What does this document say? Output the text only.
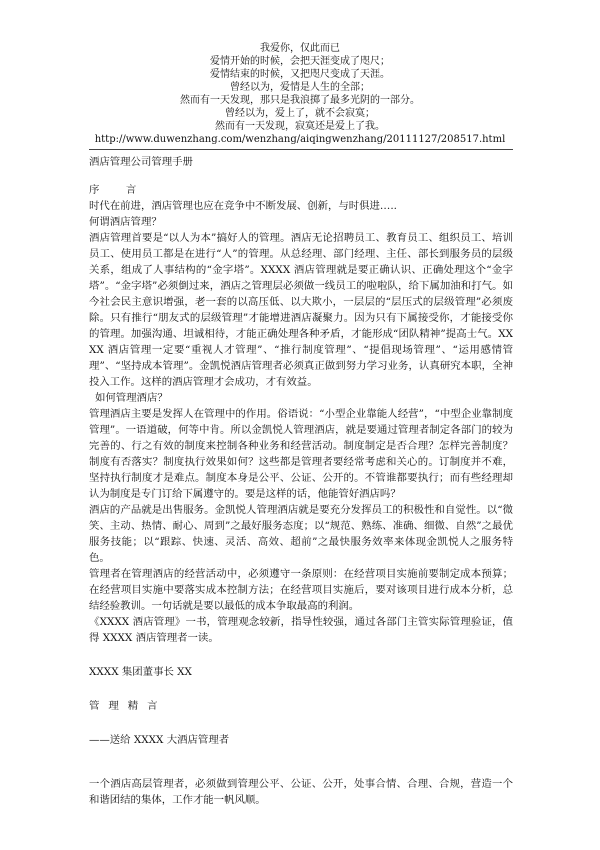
我爱你，仅此而已
爱情开始的时候，会把天涯变成了咫尺；
爱情结束的时候，又把咫尺变成了天涯。
曾经以为，爱情是人生的全部；
然而有一天发现，那只是我浪掷了最多光阴的一部分。
曾经以为，爱上了，就不会寂寞；
然而有一天发现，寂寞还是爱上了我。
http://www.duwenzhang.com/wenzhang/aiqingwenzhang/20111127/208517.html

酒店管理公司管理手册

序        言

时代在前进，酒店管理也应在竞争中不断发展、创新，与时俱进…..

何谓酒店管理？

酒店管理首要是“以人为本”搞好人的管理。酒店无论招聘员工、教育员工、组织员工、培训员工、使用员工都是在进行“人”的管理。从总经理、部门经理、主任、部长到服务员的层级关系，组成了人事结构的“金字塔”。XXXX 酒店管理就是要正确认识、正确处理这个“金字塔”。“金字塔”必须倒过来，酒店之管理层必须做一线员工的啦啦队，给下属加油和打气。如今社会民主意识增强，老一套的以高压低、以大欺小，一层层的“层压式的层级管理”必须废除。只有推行“朋友式的层级管理”才能增进酒店凝聚力。因为只有下属接受你，才能接受你的管理。加强沟通、坦诚相待，才能正确处理各种矛盾，才能形成“团队精神”提高士气。XXXX 酒店管理一定要“重视人才管理”、“推行制度管理”、“提倡现场管理”、“运用感情管理”、“坚持成本管理”。金凯悦酒店管理者必须真正做到努力学习业务，认真研究本职，全神投入工作。这样的酒店管理才会成功，才有效益。

如何管理酒店？

管理酒店主要是发挥人在管理中的作用。俗语说：“小型企业靠能人经营”，“中型企业靠制度管理”。一语道破，何等中肯。所以金凯悦人管理酒店，就是要通过管理者制定各部门的较为完善的、行之有效的制度来控制各种业务和经营活动。制度制定是否合理？怎样完善制度？制度有否落实？制度执行效果如何？这些都是管理者要经常考虑和关心的。订制度并不难，坚持执行制度才是难点。制度本身是公平、公证、公开的。不管谁都要执行；而有些经理却认为制度是专门订给下属遵守的。要是这样的话，他能管好酒店吗？

酒店的产品就是出售服务。金凯悦人管理酒店就是要充分发挥员工的积极性和自觉性。以“微笑、主动、热情、耐心、周到”之最好服务态度；以“规范、熟练、准确、细微、自然”之最优服务技能；以“跟踪、快速、灵活、高效、超前”之最快服务效率来体现金凯悦人之服务特色。

管理者在管理酒店的经营活动中，必须遵守一条原则：在经营项目实施前要制定成本预算；在经营项目实施中要落实成本控制方法；在经营项目实施后，要对该项目进行成本分析，总结经验教训。一句话就是要以最低的成本争取最高的利润。

《XXXX 酒店管理》一书，管理观念较新，指导性较强，通过各部门主管实际管理验证，值得 XXXX 酒店管理者一读。

XXXX 集团董事长 XX

管理精言

——送给 XXXX 大酒店管理者

一个酒店高层管理者，必须做到管理公平、公证、公开，处事合情、合理、合规，营造一个和谐团结的集体，工作才能一帆风顺。
